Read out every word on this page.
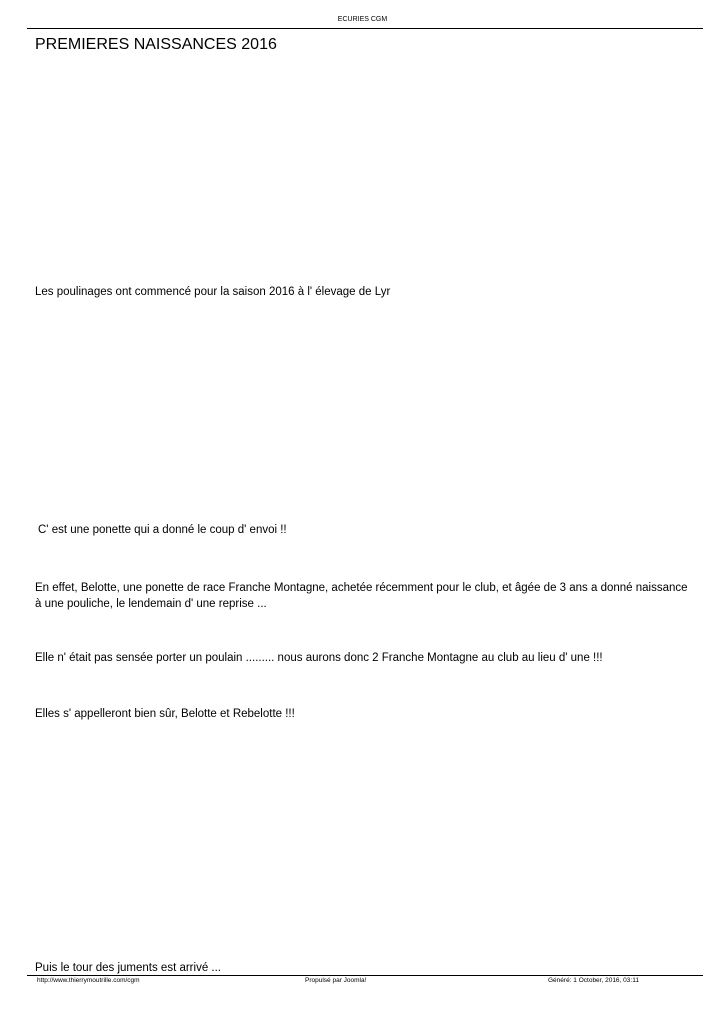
ECURIES CGM
PREMIERES NAISSANCES 2016
Les poulinages ont commencé pour la saison 2016 à l' élevage de Lyr
C' est une ponette qui a donné le coup d' envoi !!
En effet, Belotte, une ponette de race Franche Montagne, achetée récemment pour le club, et âgée de 3 ans a donné naissance à une pouliche, le lendemain d' une reprise ...
Elle n' était pas sensée porter un poulain ......... nous aurons donc 2 Franche Montagne au club au lieu d' une !!!
Elles s' appelleront bien sûr, Belotte et Rebelotte !!!
Puis le tour des juments est arrivé ...
http://www.thierrymoutrille.com/cgm	Propulsé par Joomla!	Généré: 1 October, 2016, 03:11
